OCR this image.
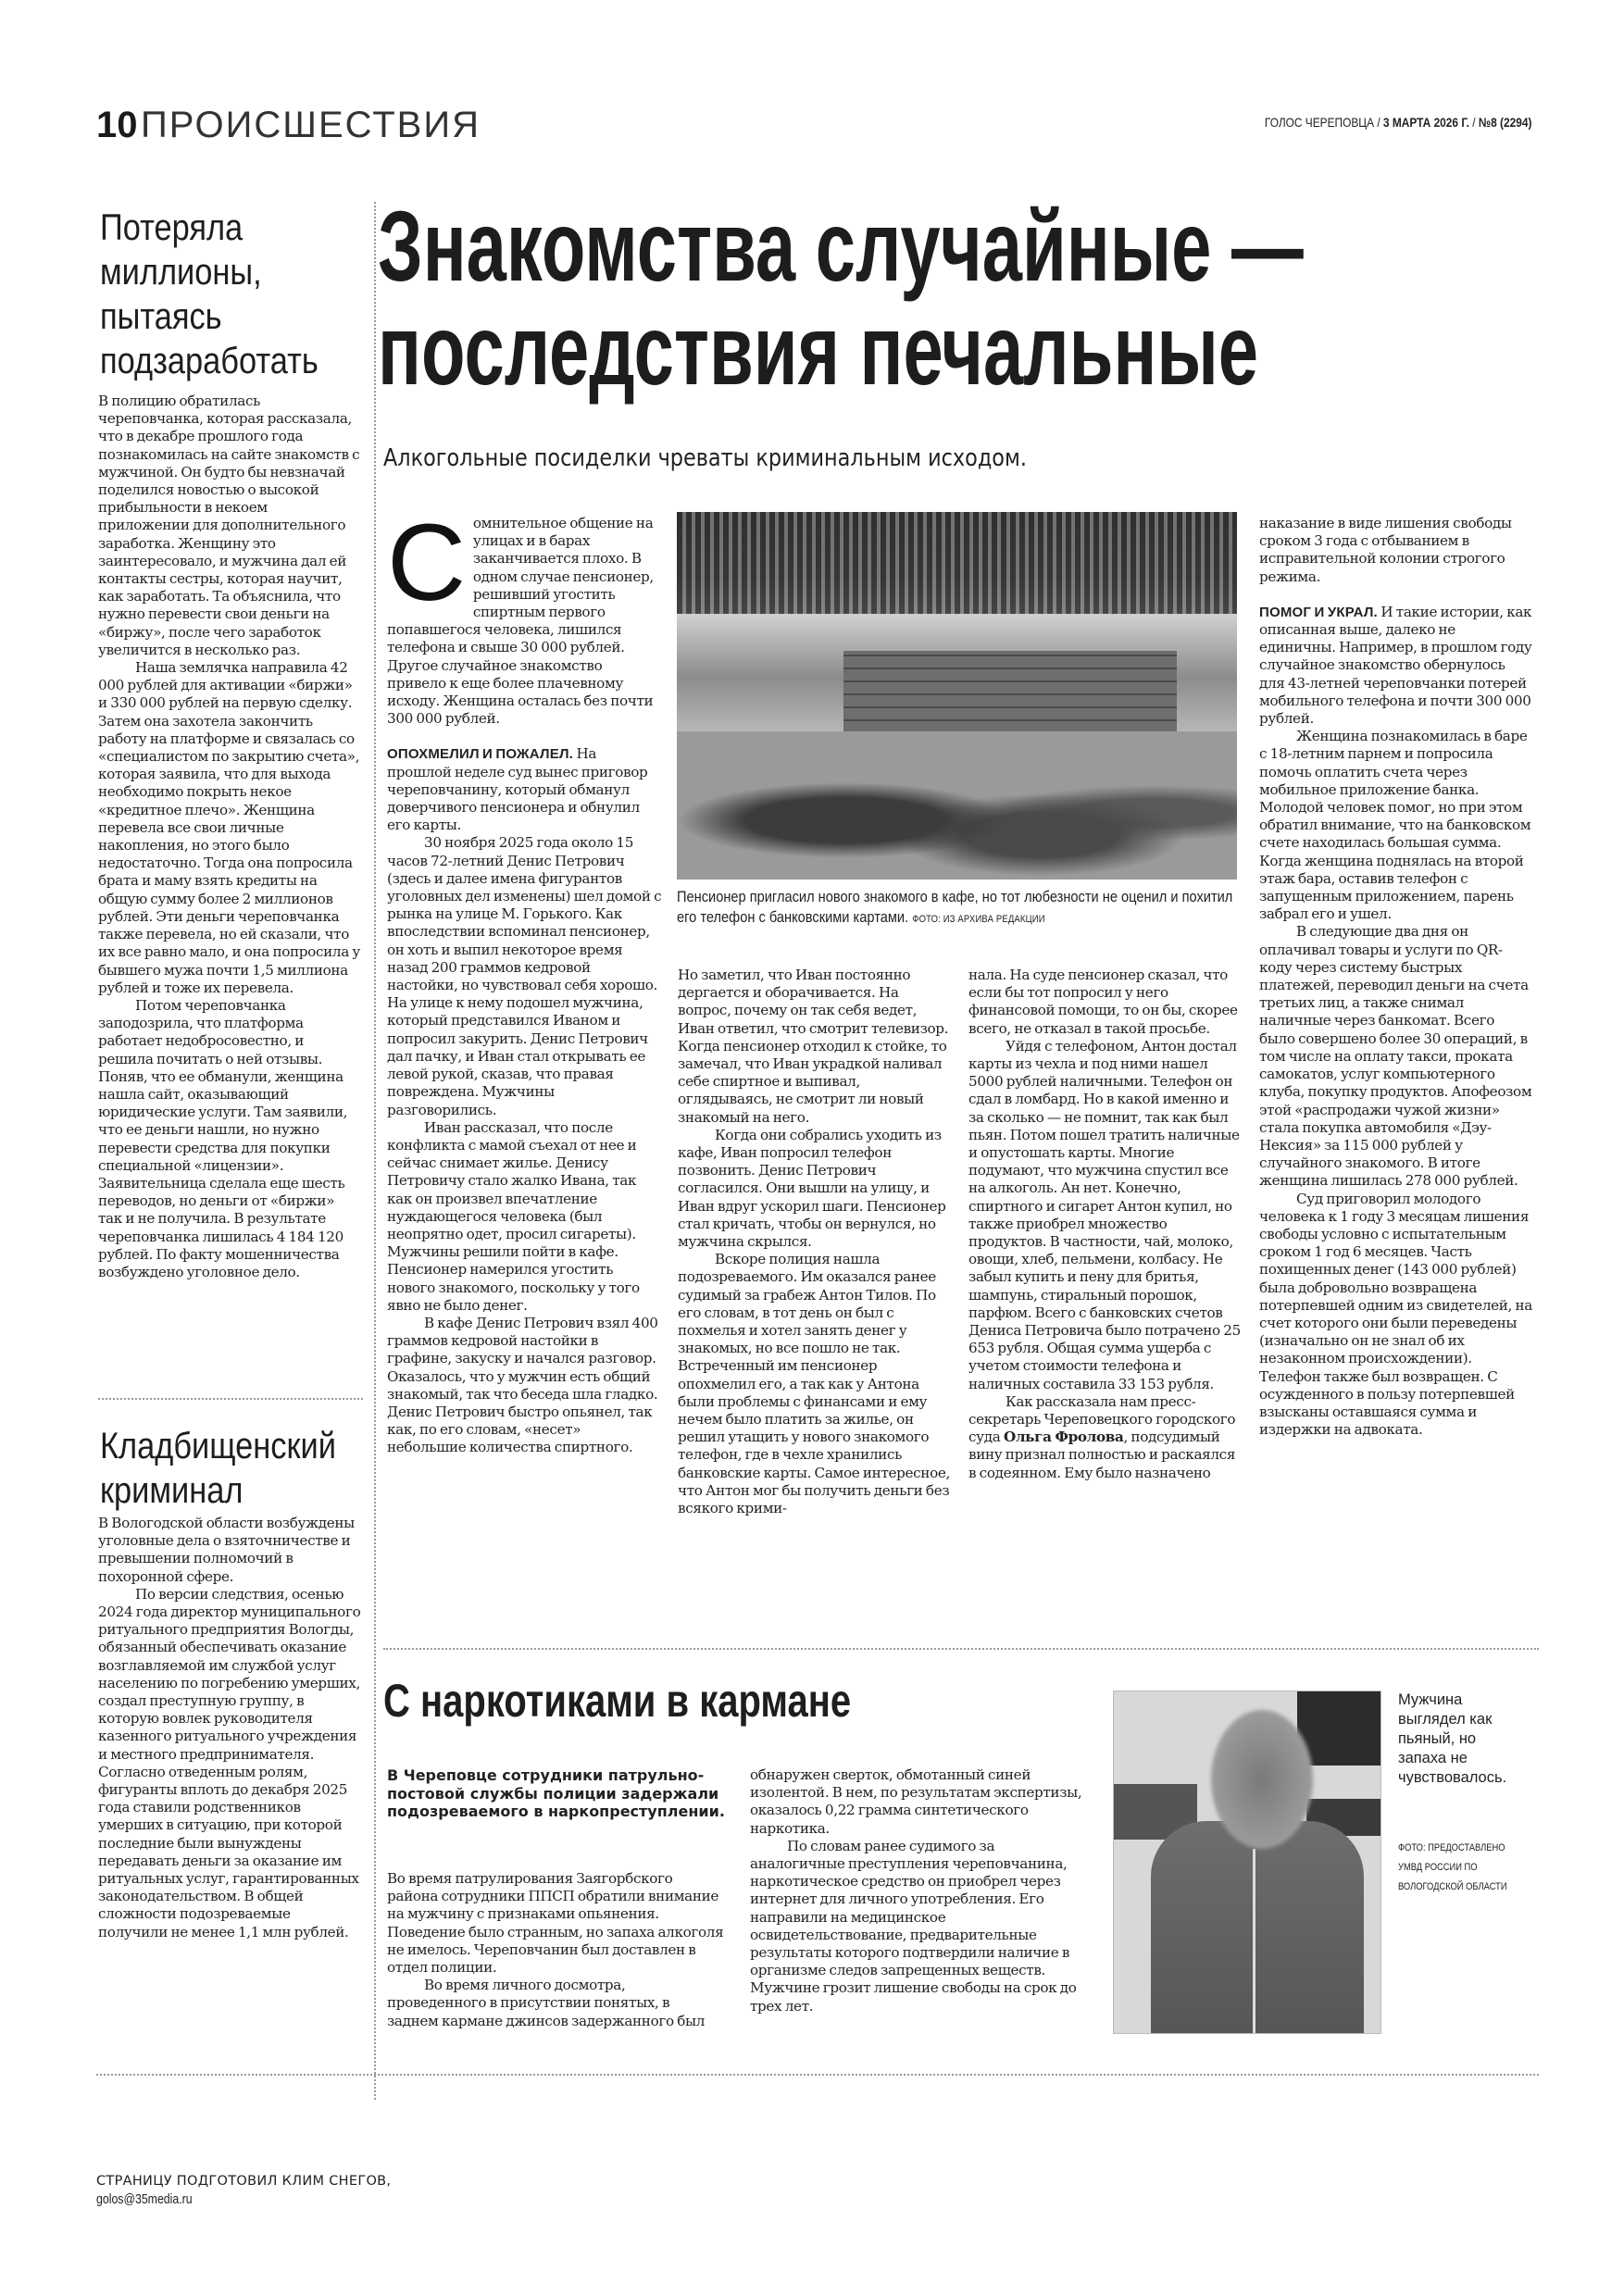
10 ПРОИСШЕСТВИЯ	ГОЛОС ЧЕРЕПОВЦА / 3 МАРТА 2026 Г. / №8 (2294)
Потеряла миллионы, пытаясь подзаработать

В полицию обратилась череповчанка, которая рассказала, что в декабре прошлого года познакомилась на сайте знакомств с мужчиной. Он будто бы невзначай поделился новостью о высокой прибыльности в некоем приложении для дополнительного заработка. Женщину это заинтересовало, и мужчина дал ей контакты сестры, которая научит, как заработать. Та объяснила, что нужно перевести свои деньги на «биржу», после чего заработок увеличится в несколько раз.

Наша землячка направила 42 000 рублей для активации «биржи» и 330 000 рублей на первую сделку. Затем она захотела закончить работу на платформе и связалась со «специалистом по закрытию счета», которая заявила, что для выхода необходимо покрыть некое «кредитное плечо». Женщина перевела все свои личные накопления, но этого было недостаточно. Тогда она попросила брата и маму взять кредиты на общую сумму более 2 миллионов рублей. Эти деньги череповчанка также перевела, но ей сказали, что их все равно мало, и она попросила у бывшего мужа почти 1,5 миллиона рублей и тоже их перевела.

Потом череповчанка заподозрила, что платформа работает недобросовестно, и решила почитать о ней отзывы. Поняв, что ее обманули, женщина нашла сайт, оказывающий юридические услуги. Там заявили, что ее деньги нашли, но нужно перевести средства для покупки специальной «лицензии». Заявительница сделала еще шесть переводов, но деньги от «биржи» так и не получила. В результате череповчанка лишилась 4 184 120 рублей. По факту мошенничества возбуждено уголовное дело.

Кладбищенский криминал

В Вологодской области возбуждены уголовные дела о взяточничестве и превышении полномочий в похоронной сфере.

По версии следствия, осенью 2024 года директор муниципального ритуального предприятия Вологды, обязанный обеспечивать оказание возглавляемой им службой услуг населению по погребению умерших, создал преступную группу, в которую вовлек руководителя казенного ритуального учреждения и местного предпринимателя. Согласно отведенным ролям, фигуранты вплоть до декабря 2025 года ставили родственников умерших в ситуацию, при которой последние были вынуждены передавать деньги за оказание им ритуальных услуг, гарантированных законодательством. В общей сложности подозреваемые получили не менее 1,1 млн рублей.

Знакомства случайные —
последствия печальные
Алкогольные посиделки чреваты криминальным исходом.

Сомнительное общение на улицах и в барах заканчивается плохо. В одном случае пенсионер, решивший угостить спиртным первого попавшегося человека, лишился телефона и свыше 30 000 рублей. Другое случайное знакомство привело к еще более плачевному исходу. Женщина осталась без почти 300 000 рублей.

ОПОХМЕЛИЛ И ПОЖАЛЕЛ. На прошлой неделе суд вынес приговор череповчанину, который обманул доверчивого пенсионера и обнулил его карты.

30 ноября 2025 года около 15 часов 72-летний Денис Петрович (здесь и далее имена фигурантов уголовных дел изменены) шел домой с рынка на улице М. Горького. Как впоследствии вспоминал пенсионер, он хоть и выпил некоторое время назад 200 граммов кедровой настойки, но чувствовал себя хорошо. На улице к нему подошел мужчина, который представился Иваном и попросил закурить. Денис Петрович дал пачку, и Иван стал открывать ее левой рукой, сказав, что правая повреждена. Мужчины разговорились.

Иван рассказал, что после конфликта с мамой съехал от нее и сейчас снимает жилье. Денису Петровичу стало жалко Ивана, так как он произвел впечатление нуждающегося человека (был неопрятно одет, просил сигареты). Мужчины решили пойти в кафе. Пенсионер намерился угостить нового знакомого, поскольку у того явно не было денег.

В кафе Денис Петрович взял 400 граммов кедровой настойки в графине, закуску и начался разговор. Оказалось, что у мужчин есть общий знакомый, так что беседа шла гладко. Денис Петрович быстро опьянел, так как, по его словам, «несет» небольшие количества спиртного.

Пенсионер пригласил нового знакомого в кафе, но тот любезности не оценил и похитил его телефон с банковскими картами. ФОТО: ИЗ АРХИВА РЕДАКЦИИ

Но заметил, что Иван постоянно дергается и оборачивается. На вопрос, почему он так себя ведет, Иван ответил, что смотрит телевизор. Когда пенсионер отходил к стойке, то замечал, что Иван украдкой наливал себе спиртное и выпивал, оглядываясь, не смотрит ли новый знакомый на него.

Когда они собрались уходить из кафе, Иван попросил телефон позвонить. Денис Петрович согласился. Они вышли на улицу, и Иван вдруг ускорил шаги. Пенсионер стал кричать, чтобы он вернулся, но мужчина скрылся.

Вскоре полиция нашла подозреваемого. Им оказался ранее судимый за грабеж Антон Тилов. По его словам, в тот день он был с похмелья и хотел занять денег у знакомых, но все пошло не так. Встреченный им пенсионер опохмелил его, а так как у Антона были проблемы с финансами и ему нечем было платить за жилье, он решил утащить у нового знакомого телефон, где в чехле хранились банковские карты. Самое интересное, что Антон мог бы получить деньги без всякого крими-

нала. На суде пенсионер сказал, что если бы тот попросил у него финансовой помощи, то он бы, скорее всего, не отказал в такой просьбе.

Уйдя с телефоном, Антон достал карты из чехла и под ними нашел 5000 рублей наличными. Телефон он сдал в ломбард. Но в какой именно и за сколько — не помнит, так как был пьян. Потом пошел тратить наличные и опустошать карты. Многие подумают, что мужчина спустил все на алкоголь. Ан нет. Конечно, спиртного и сигарет Антон купил, но также приобрел множество продуктов. В частности, чай, молоко, овощи, хлеб, пельмени, колбасу. Не забыл купить и пену для бритья, шампунь, стиральный порошок, парфюм. Всего с банковских счетов Дениса Петровича было потрачено 25 653 рубля. Общая сумма ущерба с учетом стоимости телефона и наличных составила 33 153 рубля.

Как рассказала нам пресс-секретарь Череповецкого городского суда Ольга Фролова, подсудимый вину признал полностью и раскаялся в содеянном. Ему было назначено

наказание в виде лишения свободы сроком 3 года с отбыванием в исправительной колонии строгого режима.

ПОМОГ И УКРАЛ. И такие истории, как описанная выше, далеко не единичны. Например, в прошлом году случайное знакомство обернулось для 43-летней череповчанки потерей мобильного телефона и почти 300 000 рублей.

Женщина познакомилась в баре с 18-летним парнем и попросила помочь оплатить счета через мобильное приложение банка. Молодой человек помог, но при этом обратил внимание, что на банковском счете находилась большая сумма. Когда женщина поднялась на второй этаж бара, оставив телефон с запущенным приложением, парень забрал его и ушел.

В следующие два дня он оплачивал товары и услуги по QR-коду через систему быстрых платежей, переводил деньги на счета третьих лиц, а также снимал наличные через банкомат. Всего было совершено более 30 операций, в том числе на оплату такси, проката самокатов, услуг компьютерного клуба, покупку продуктов. Апофеозом этой «распродажи чужой жизни» стала покупка автомобиля «Дэу-Нексия» за 115 000 рублей у случайного знакомого. В итоге женщина лишилась 278 000 рублей.

Суд приговорил молодого человека к 1 году 3 месяцам лишения свободы условно с испытательным сроком 1 год 6 месяцев. Часть похищенных денег (143 000 рублей) была добровольно возвращена потерпевшей одним из свидетелей, на счет которого они были переведены (изначально он не знал об их незаконном происхождении). Телефон также был возвращен. С осужденного в пользу потерпевшей взысканы оставшаяся сумма и издержки на адвоката.

С наркотиками в кармане
В Череповце сотрудники патрульно-постовой службы полиции задержали подозреваемого в наркопреступлении.

Во время патрулирования Заягорбского района сотрудники ППСП обратили внимание на мужчину с признаками опьянения. Поведение было странным, но запаха алкоголя не имелось. Череповчанин был доставлен в отдел полиции.

Во время личного досмотра, проведенного в присутствии понятых, в заднем кармане джинсов задержанного был

обнаружен сверток, обмотанный синей изолентой. В нем, по результатам экспертизы, оказалось 0,22 грамма синтетического наркотика.

По словам ранее судимого за аналогичные преступления череповчанина, наркотическое средство он приобрел через интернет для личного употребления. Его направили на медицинское освидетельствование, предварительные результаты которого подтвердили наличие в организме следов запрещенных веществ. Мужчине грозит лишение свободы на срок до трех лет.

Мужчина выглядел как пьяный, но запаха не чувствовалось.
ФОТО: ПРЕДОСТАВЛЕНО УМВД РОССИИ ПО ВОЛОГОДСКОЙ ОБЛАСТИ
СТРАНИЦУ ПОДГОТОВИЛ КЛИМ СНЕГОВ,
golos@35media.ru
